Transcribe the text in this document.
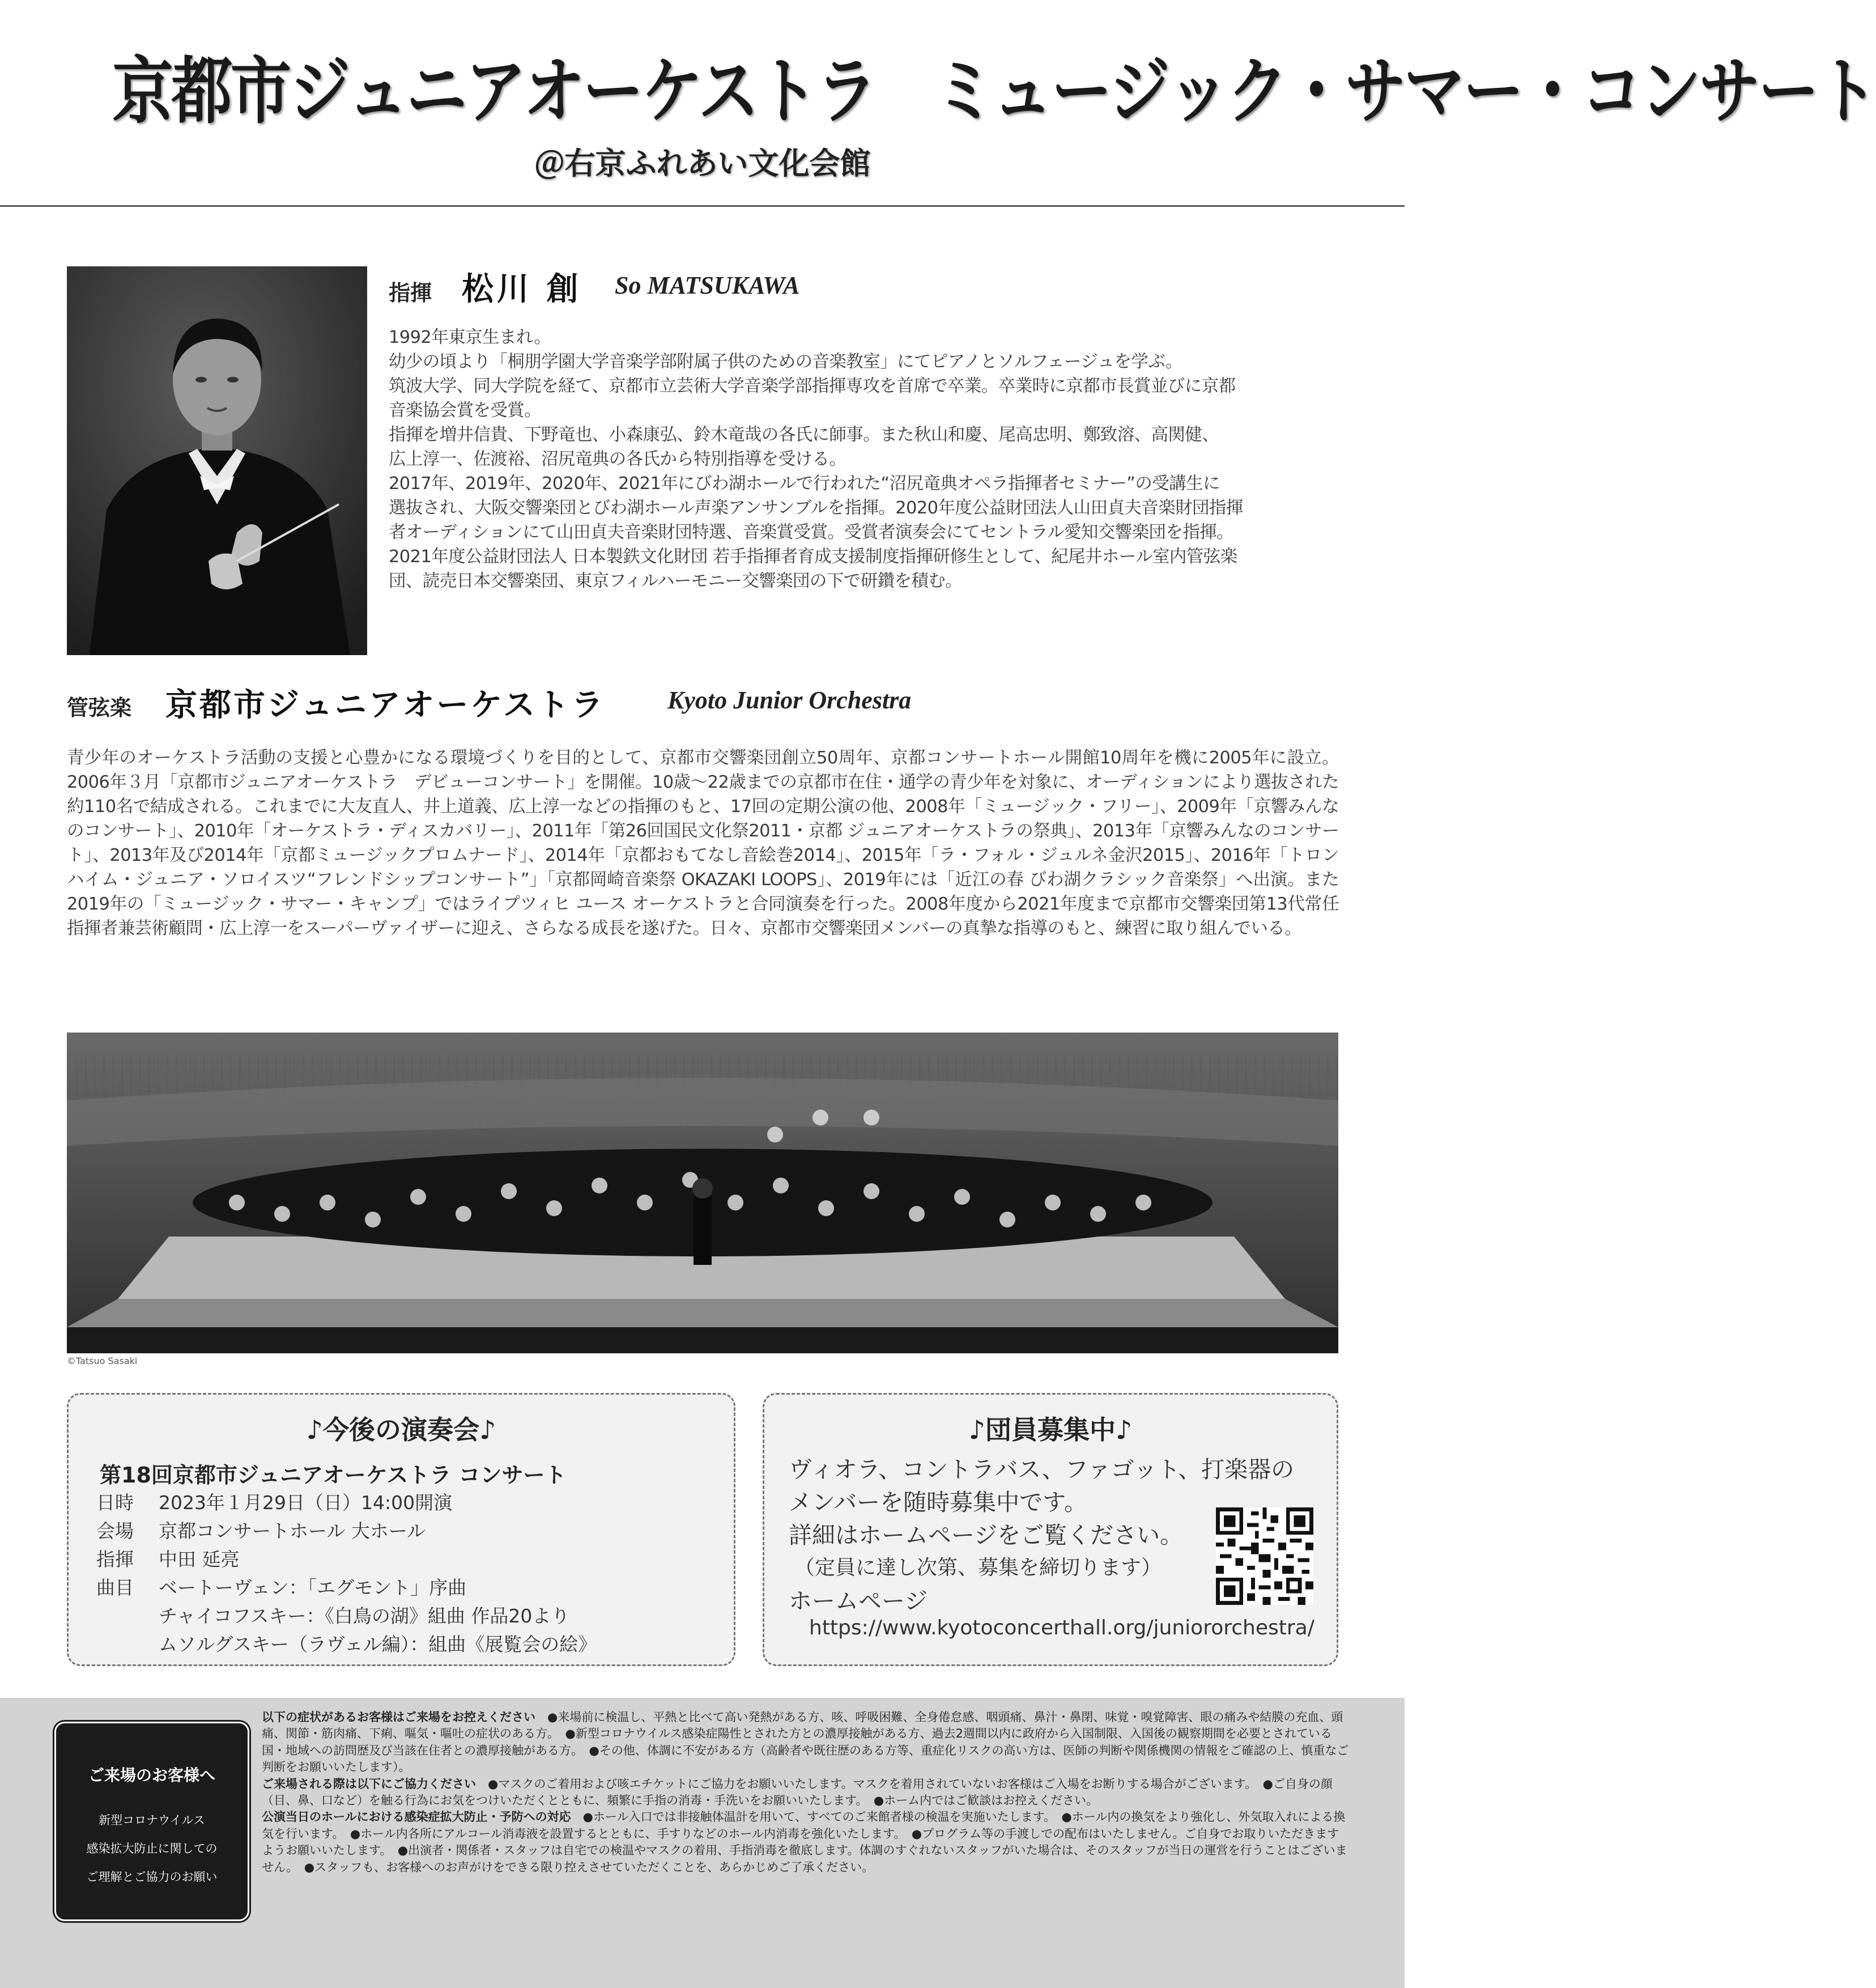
京都市ジュニアオーケストラ　ミュージック・サマー・コンサート
＠右京ふれあい文化会館
指揮 松川 創 So MATSUKAWA

1992年東京生まれ。

幼少の頃より「桐朋学園大学音楽学部附属子供のための音楽教室」にてピアノとソルフェージュを学ぶ。

筑波大学、同大学院を経て、京都市立芸術大学音楽学部指揮専攻を首席で卒業。卒業時に京都市長賞並びに京都

音楽協会賞を受賞。

指揮を増井信貴、下野竜也、小森康弘、鈴木竜哉の各氏に師事。また秋山和慶、尾高忠明、鄭致溶、高関健、

広上淳一、佐渡裕、沼尻竜典の各氏から特別指導を受ける。

2017年、2019年、2020年、2021年にびわ湖ホールで行われた“沼尻竜典オペラ指揮者セミナー”の受講生に

選抜され、大阪交響楽団とびわ湖ホール声楽アンサンブルを指揮。2020年度公益財団法人山田貞夫音楽財団指揮

者オーディションにて山田貞夫音楽財団特選、音楽賞受賞。受賞者演奏会にてセントラル愛知交響楽団を指揮。

2021年度公益財団法人 日本製鉄文化財団 若手指揮者育成支援制度指揮研修生として、紀尾井ホール室内管弦楽

団、読売日本交響楽団、東京フィルハーモニー交響楽団の下で研鑽を積む。

管弦楽 京都市ジュニアオーケストラ Kyoto Junior Orchestra
青少年のオーケストラ活動の支援と心豊かになる環境づくりを目的として、京都市交響楽団創立50周年、京都コンサートホール開館10周年を機に2005年に設立。2006年３月「京都市ジュニアオーケストラ　デビューコンサート」を開催。10歳〜22歳までの京都市在住・通学の青少年を対象に、オーディションにより選抜された約110名で結成される。これまでに大友直人、井上道義、広上淳一などの指揮のもと、17回の定期公演の他、2008年「ミュージック・フリー」、2009年「京響みんなのコンサート」、2010年「オーケストラ・ディスカバリー」、2011年「第26回国民文化祭2011・京都 ジュニアオーケストラの祭典」、2013年「京響みんなのコンサート」、2013年及び2014年「京都ミュージックプロムナード」、2014年「京都おもてなし音絵巻2014」、2015年「ラ・フォル・ジュルネ金沢2015」、2016年「トロンハイム・ジュニア・ソロイスツ“フレンドシップコンサート”」「京都岡崎音楽祭 OKAZAKI LOOPS」、2019年には「近江の春 びわ湖クラシック音楽祭」へ出演。また2019年の「ミュージック・サマー・キャンプ」ではライプツィヒ ユース オーケストラと合同演奏を行った。2008年度から2021年度まで京都市交響楽団第13代常任指揮者兼芸術顧問・広上淳一をスーパーヴァイザーに迎え、さらなる成長を遂げた。日々、京都市交響楽団メンバーの真摯な指導のもと、練習に取り組んでいる。
©Tatsuo Sasaki
♪今後の演奏会♪
第18回京都市ジュニアオーケストラ コンサート
日時 2023年１月29日（日）14:00開演
会場 京都コンサートホール 大ホール
指揮 中田 延亮
曲目 ベートーヴェン：「エグモント」序曲
チャイコフスキー：《白鳥の湖》組曲 作品20より
ムソルグスキー（ラヴェル編）：組曲《展覧会の絵》
♪団員募集中♪
ヴィオラ、コントラバス、ファゴット、打楽器の
メンバーを随時募集中です。
詳細はホームページをご覧ください。
（定員に達し次第、募集を締切ります）
ホームページ
https://www.kyotoconcerthall.org/juniororchestra/
ご来場のお客様へ
新型コロナウイルス
感染拡大防止に関しての
ご理解とご協力のお願い
以下の症状があるお客様はご来場をお控えください　 ●来場前に検温し、平熱と比べて高い発熱がある方、咳、呼吸困難、全身倦怠感、咽頭痛、鼻汁・鼻閉、味覚・嗅覚障害、眼の痛みや結膜の充血、頭痛、関節・筋肉痛、下痢、嘔気・嘔吐の症状のある方。　●新型コロナウイルス感染症陽性とされた方との濃厚接触がある方、過去2週間以内に政府から入国制限、入国後の観察期間を必要とされている国・地域への訪問歴及び当該在住者との濃厚接触がある方。　●その他、体調に不安がある方（高齢者や既往歴のある方等、重症化リスクの高い方は、医師の判断や関係機関の情報をご確認の上、慎重なご判断をお願いいたします）。
ご来場される際は以下にご協力ください　 ●マスクのご着用および咳エチケットにご協力をお願いいたします。マスクを着用されていないお客様はご入場をお断りする場合がございます。　●ご自身の顔（目、鼻、口など）を触る行為にお気をつけいただくとともに、頻繁に手指の消毒・手洗いをお願いいたします。　●ホーム内ではご歓談はお控えください。
公演当日のホールにおける感染症拡大防止・予防への対応　 ●ホール入口では非接触体温計を用いて、すべてのご来館者様の検温を実施いたします。　●ホール内の換気をより強化し、外気取入れによる換気を行います。　●ホール内各所にアルコール消毒液を設置するとともに、手すりなどのホール内消毒を強化いたします。　●プログラム等の手渡しでの配布はいたしません。ご自身でお取りいただきますようお願いいたします。　●出演者・関係者・スタッフは自宅での検温やマスクの着用、手指消毒を徹底します。体調のすぐれないスタッフがいた場合は、そのスタッフが当日の運営を行うことはございません。　●スタッフも、お客様へのお声がけをできる限り控えさせていただくことを、あらかじめご了承ください。
